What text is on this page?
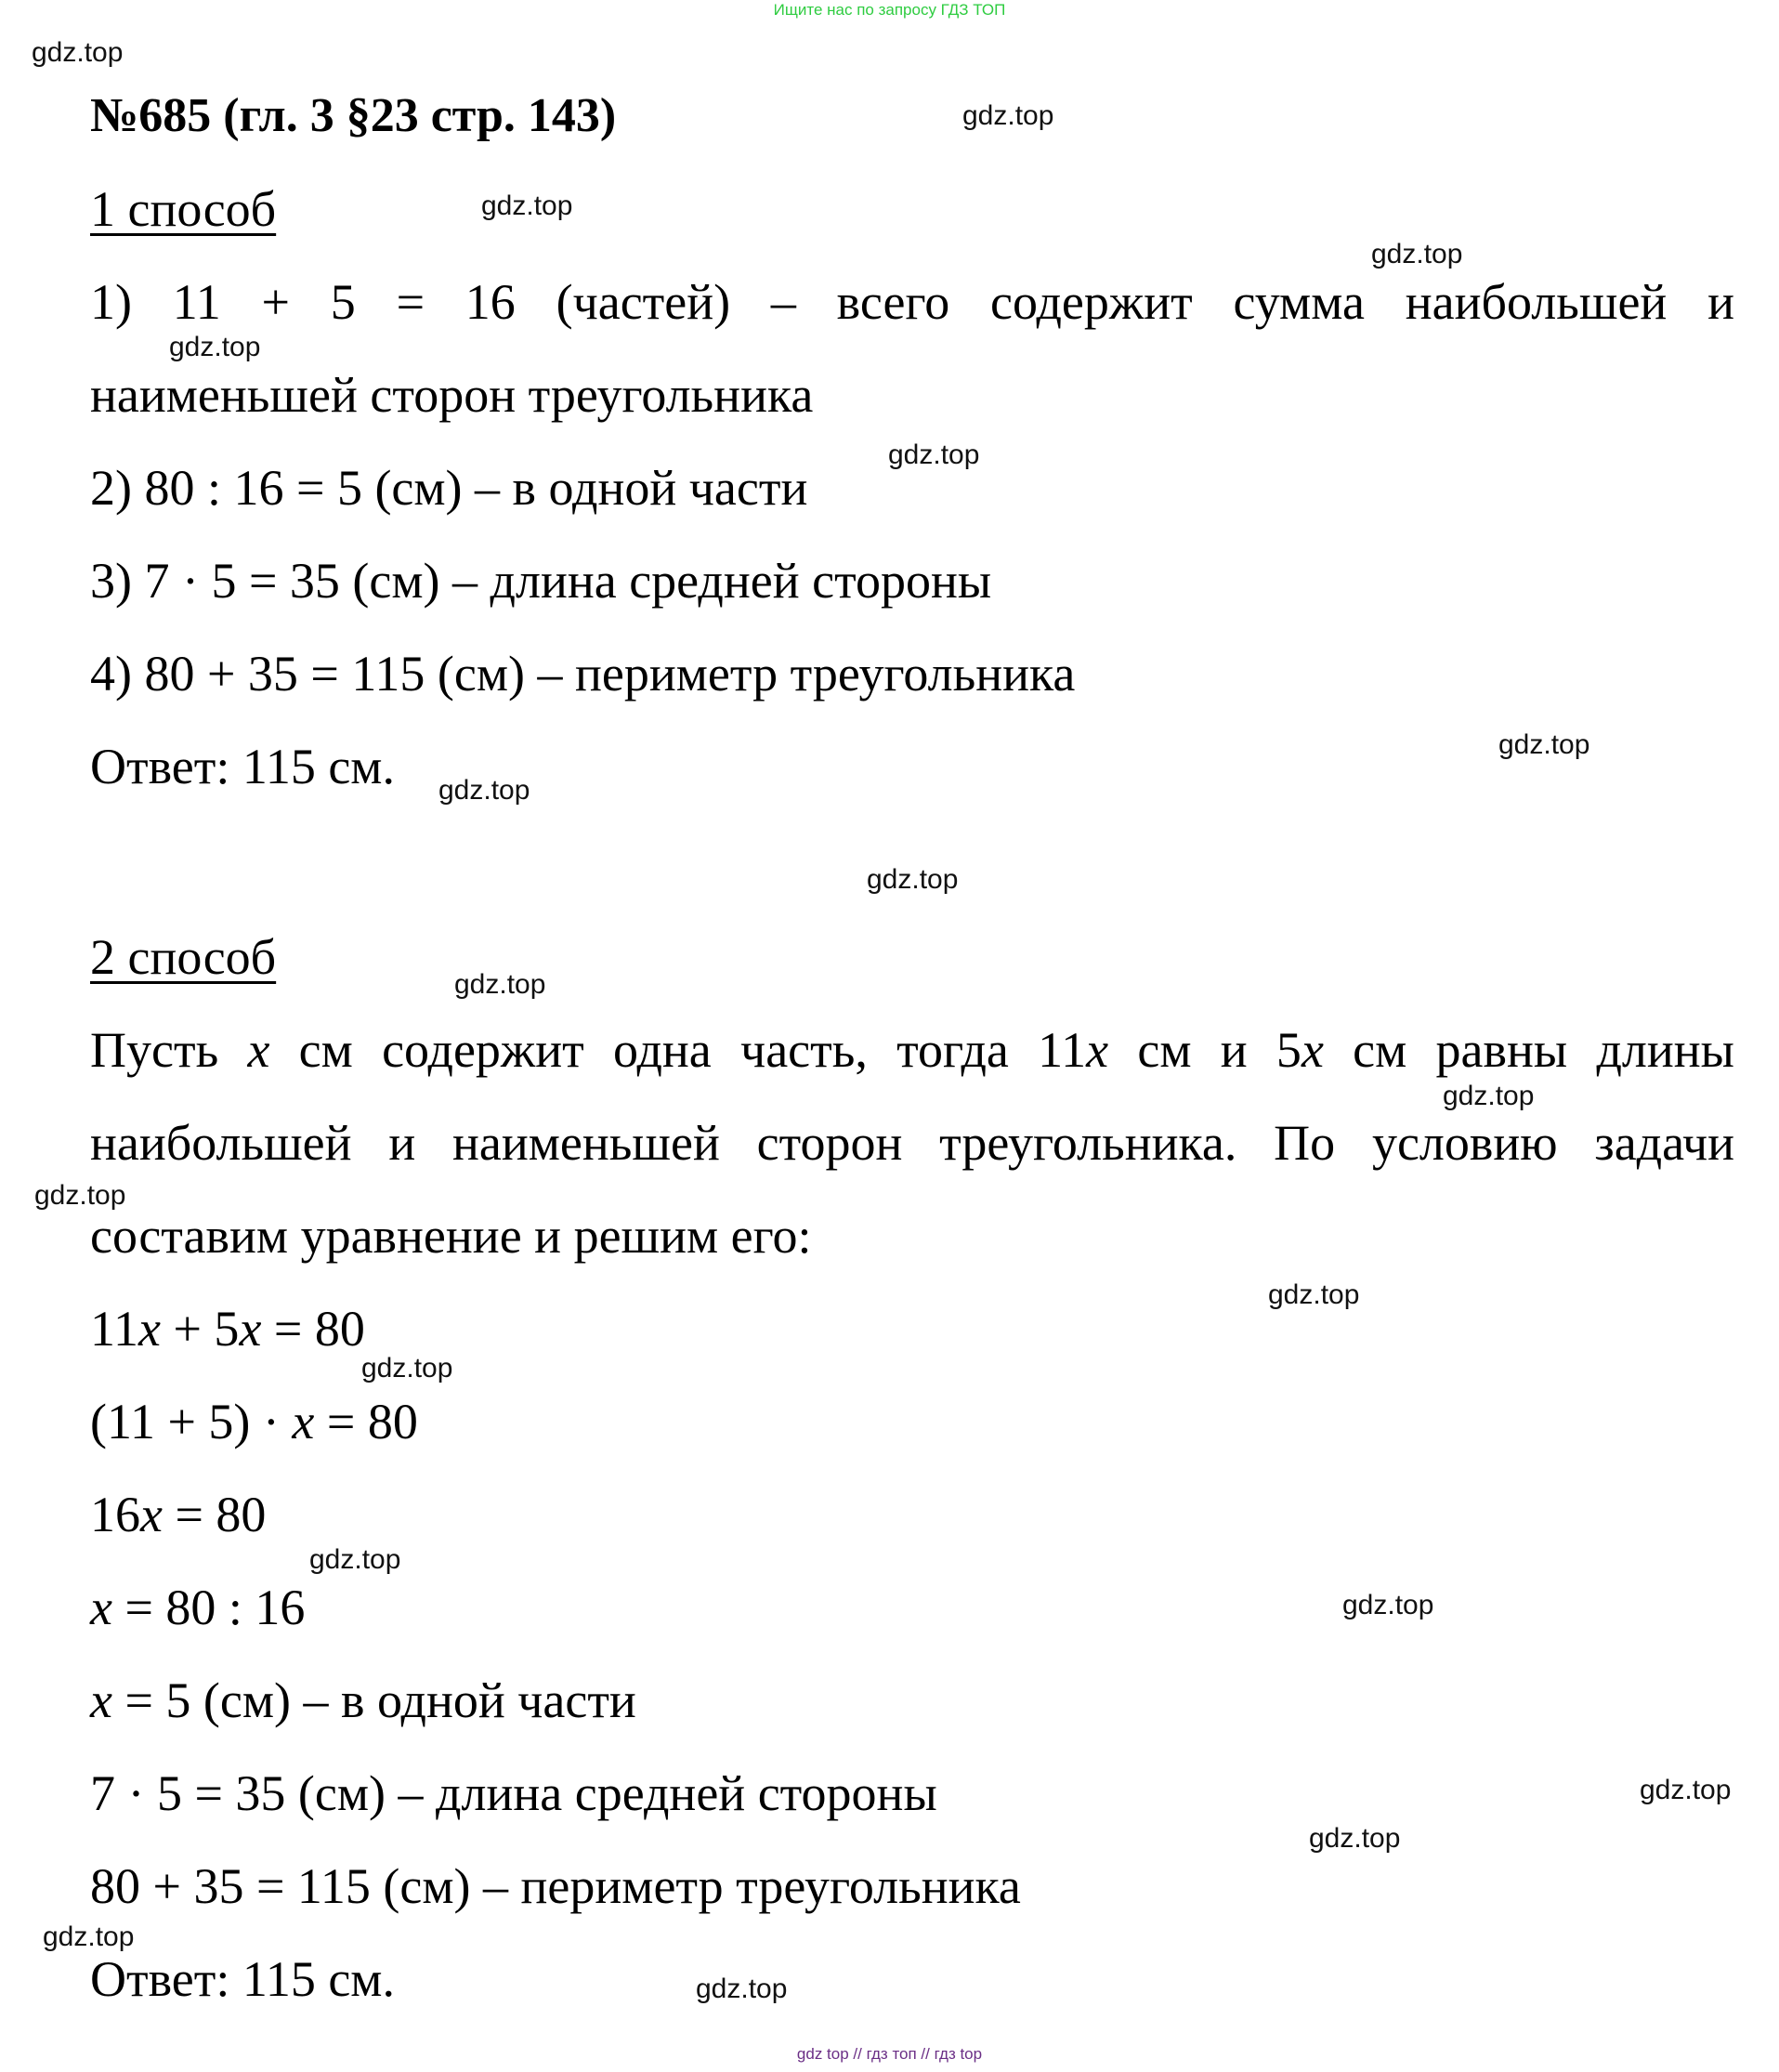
Ищите нас по запросу ГДЗ ТОП
gdz.top
gdz.top
gdz.top
gdz.top
gdz.top
gdz.top
gdz.top
gdz.top
gdz.top
gdz.top
gdz.top
gdz.top
gdz.top
gdz.top
gdz.top
gdz.top
gdz.top
gdz.top
gdz.top
gdz.top
№685 (гл. 3 §23 стр. 143)
1 способ
1) 11 + 5 = 16 (частей) – всего содержит сумма наибольшей и
наименьшей сторон треугольника
2) 80 : 16 = 5 (см) – в одной части
3) 7 · 5 = 35 (см) – длина средней стороны
4) 80 + 35 = 115 (см) – периметр треугольника
Ответ: 115 см.
2 способ
Пусть x см содержит одна часть, тогда 11x см и 5x см равны длины
наибольшей и наименьшей сторон треугольника. По условию задачи
составим уравнение и решим его:
11x + 5x = 80
(11 + 5) · x = 80
16x = 80
x = 80 : 16
x = 5 (см) – в одной части
7 · 5 = 35 (см) – длина средней стороны
80 + 35 = 115 (см) – периметр треугольника
Ответ: 115 см.
gdz top // гдз топ // гдз top
